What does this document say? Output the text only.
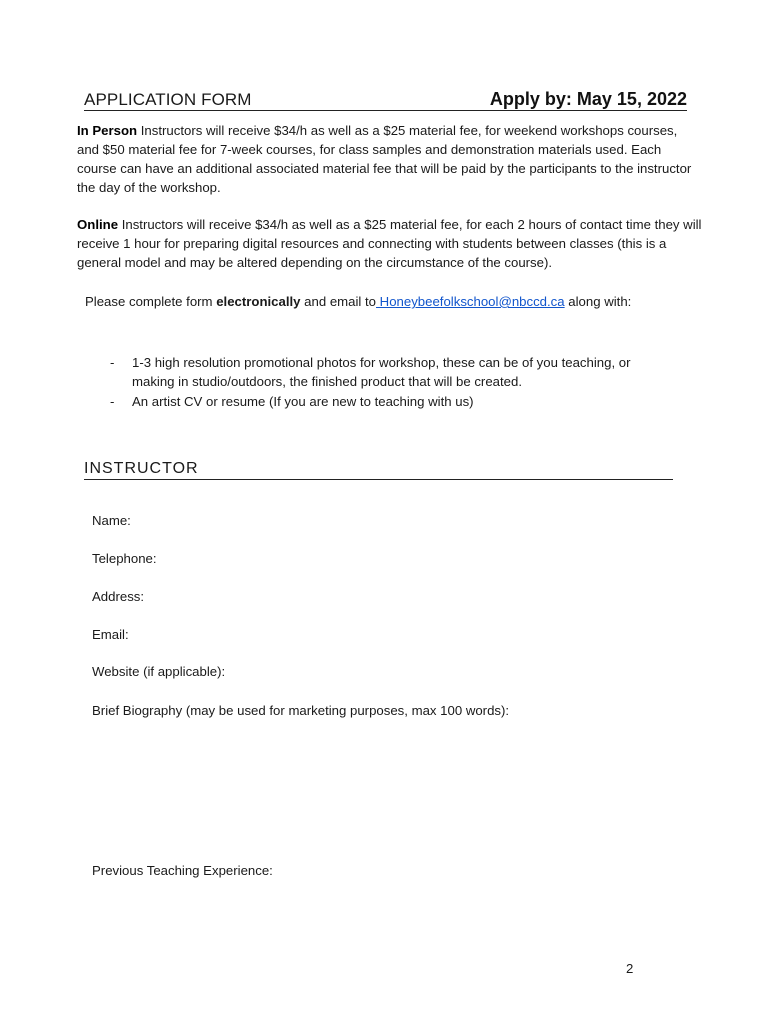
APPLICATION FORM	Apply by: May 15, 2022
In Person Instructors will receive $34/h as well as a $25 material fee, for weekend workshops courses, and $50 material fee for 7-week courses, for class samples and demonstration materials used. Each course can have an additional associated material fee that will be paid by the participants to the instructor the day of the workshop.
Online Instructors will receive $34/h as well as a $25 material fee, for each 2 hours of contact time they will receive 1 hour for preparing digital resources and connecting with students between classes (this is a general model and may be altered depending on the circumstance of the course).
Please complete form electronically and email to Honeybeefolkschool@nbccd.ca along with:
- 1-3 high resolution promotional photos for workshop, these can be of you teaching, or making in studio/outdoors, the finished product that will be created.
- An artist CV or resume (If you are new to teaching with us)
INSTRUCTOR
Name:
Telephone:
Address:
Email:
Website (if applicable):
Brief Biography (may be used for marketing purposes, max 100 words):
Previous Teaching Experience:
2
